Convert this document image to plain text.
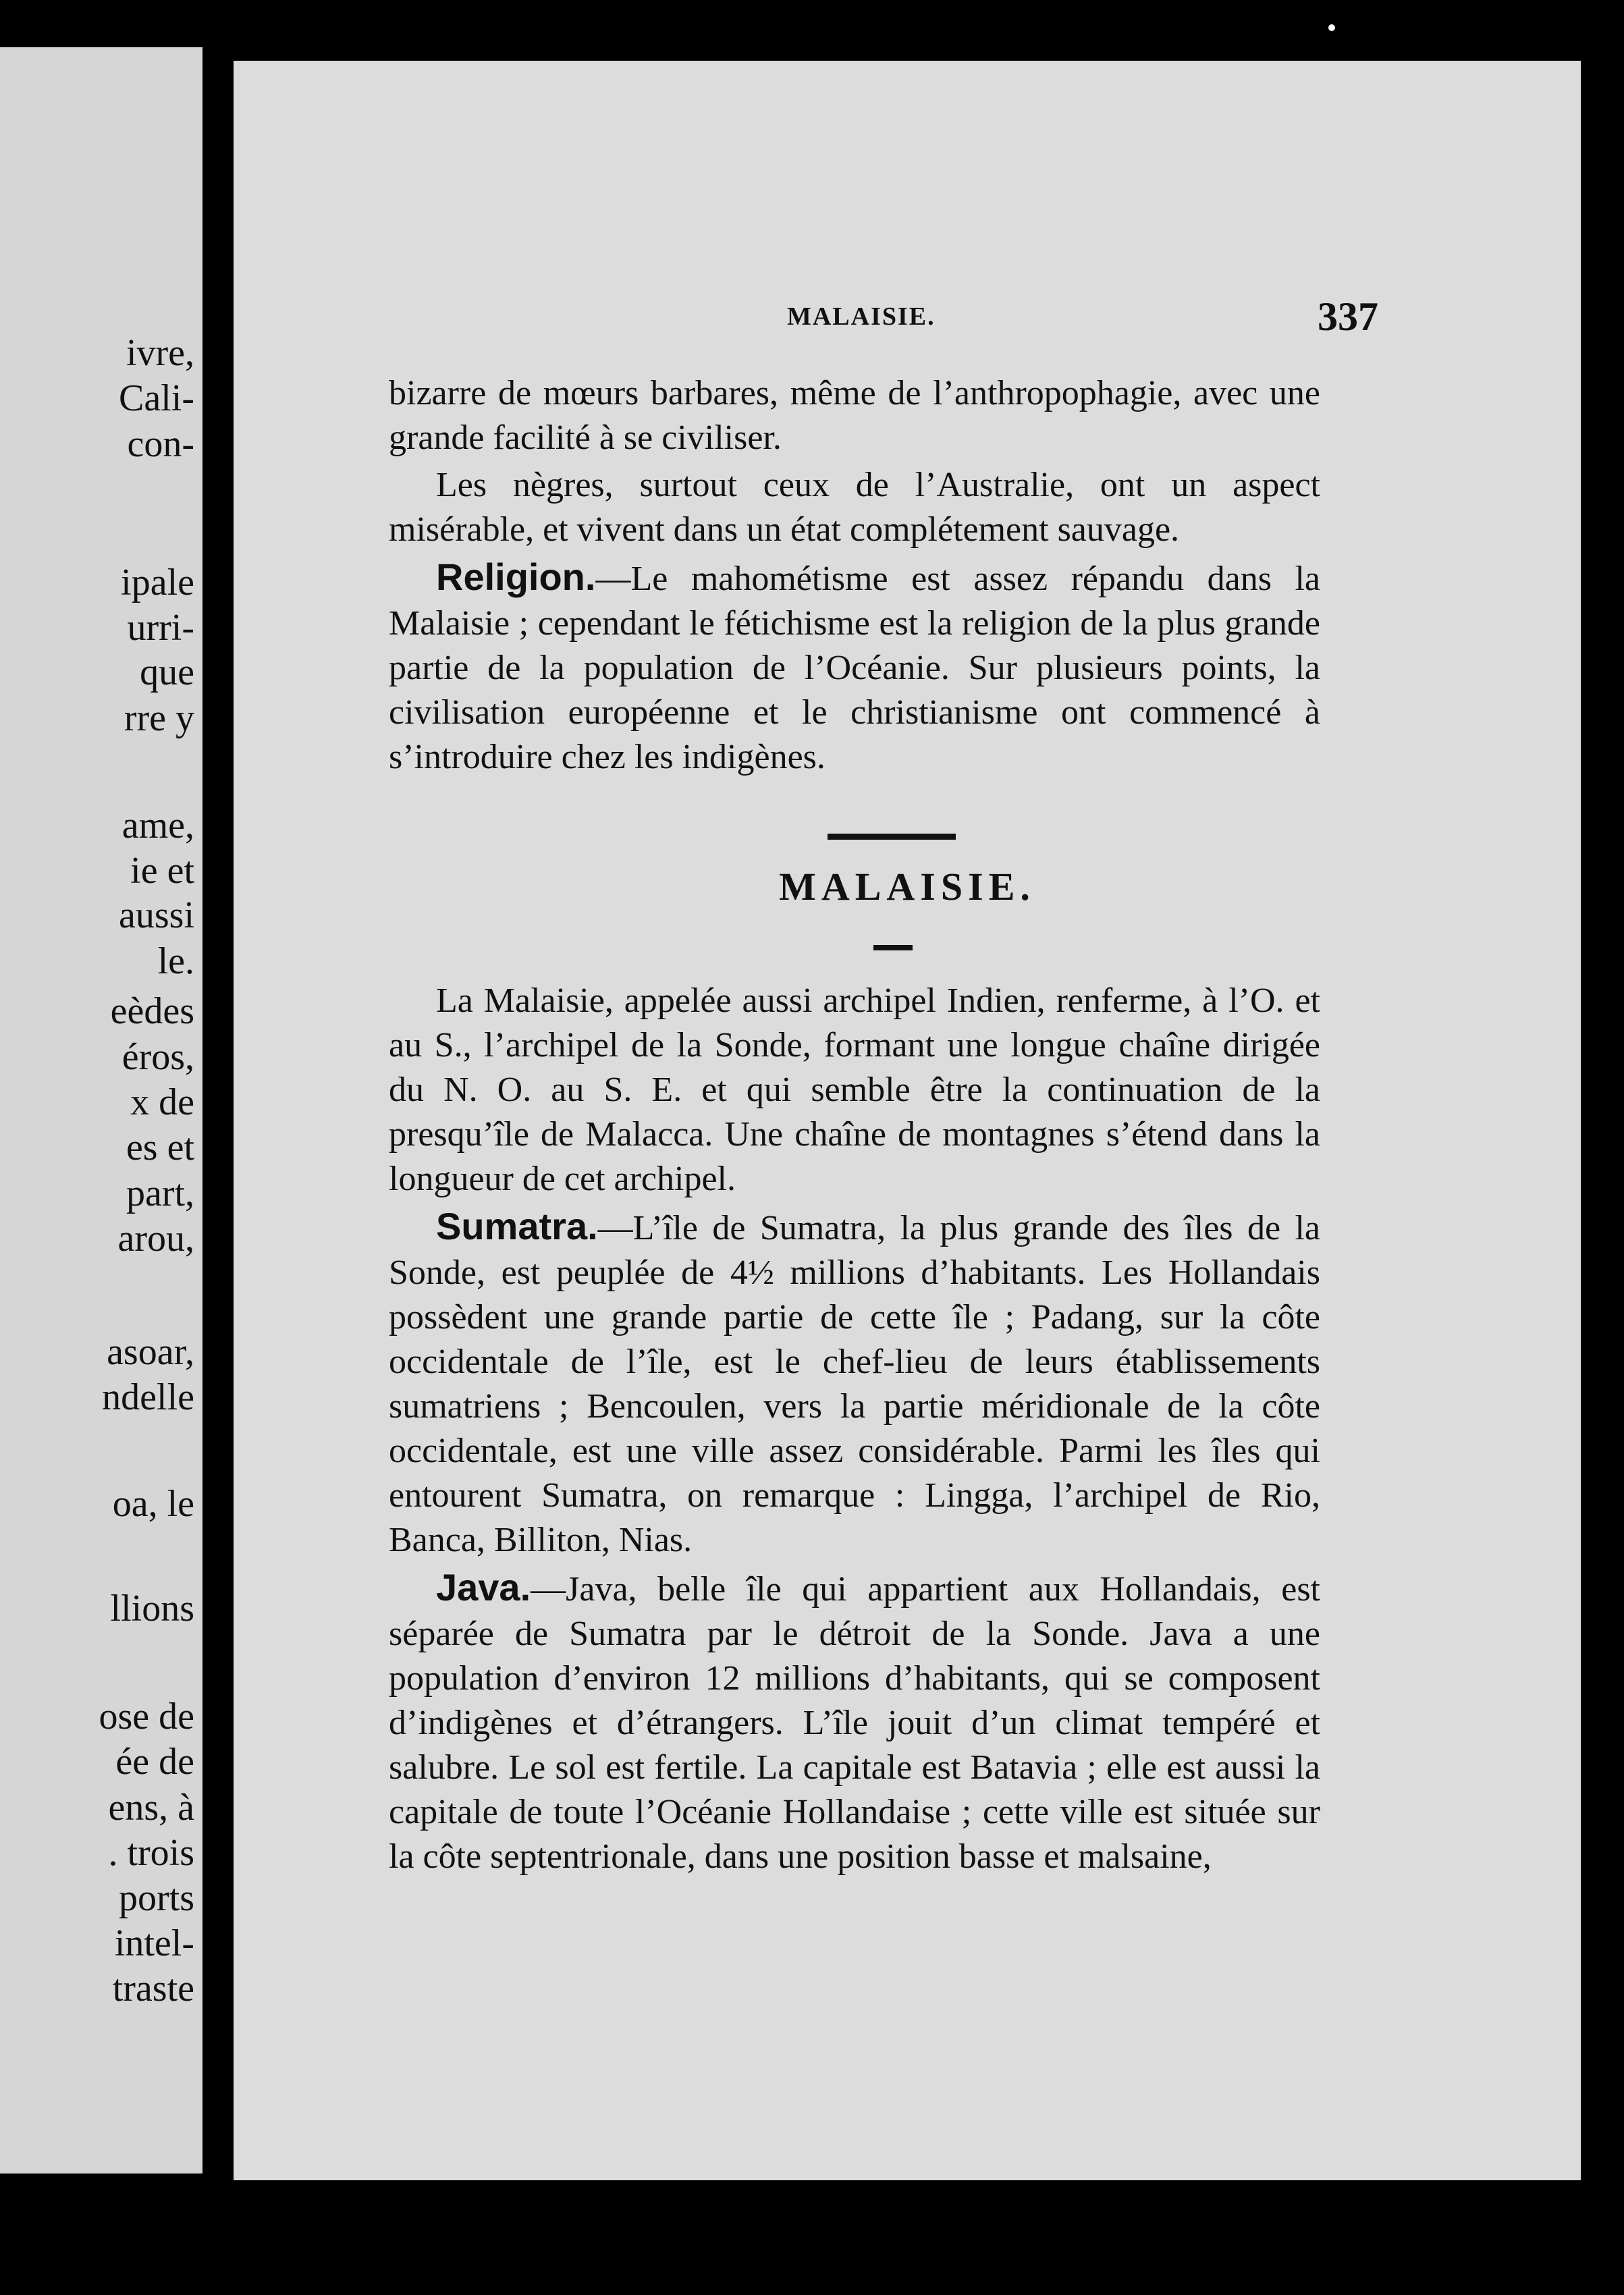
ivre,
Cali-
con-
ipale
urri-
que
rre y
ame,
ie et
aussi
le.
eèdes
éros,
x de
es et
part,
arou,
asoar,
ndelle
oa, le
llions
ose de
ée de
ens, à
. trois
ports
intel-
traste
MALAISIE.	337

bizarre de mœurs barbares, même de l’anthropophagie, avec une grande facilité à se civiliser.

Les nègres, surtout ceux de l’Australie, ont un aspect misérable, et vivent dans un état complétement sauvage.

Religion.—Le mahométisme est assez répandu dans la Malaisie ; cependant le fétichisme est la religion de la plus grande partie de la population de l’Océanie. Sur plusieurs points, la civilisation européenne et le christianisme ont commencé à s’introduire chez les indigènes.

MALAISIE.

La Malaisie, appelée aussi archipel Indien, renferme, à l’O. et au S., l’archipel de la Sonde, formant une longue chaîne dirigée du N. O. au S. E. et qui semble être la continuation de la presqu’île de Malacca. Une chaîne de montagnes s’étend dans la longueur de cet archipel.

Sumatra.—L’île de Sumatra, la plus grande des îles de la Sonde, est peuplée de 4½ millions d’habitants. Les Hollandais possèdent une grande partie de cette île ; Padang, sur la côte occidentale de l’île, est le chef-lieu de leurs établissements sumatriens ; Bencoulen, vers la partie méridionale de la côte occidentale, est une ville assez considérable. Parmi les îles qui entourent Sumatra, on remarque : Lingga, l’archipel de Rio, Banca, Billiton, Nias.

Java.—Java, belle île qui appartient aux Hollandais, est séparée de Sumatra par le détroit de la Sonde. Java a une population d’environ 12 millions d’habitants, qui se composent d’indigènes et d’étrangers. L’île jouit d’un climat tempéré et salubre. Le sol est fertile. La capitale est Batavia ; elle est aussi la capitale de toute l’Océanie Hollandaise ; cette ville est située sur la côte septentrionale, dans une position basse et malsaine,
